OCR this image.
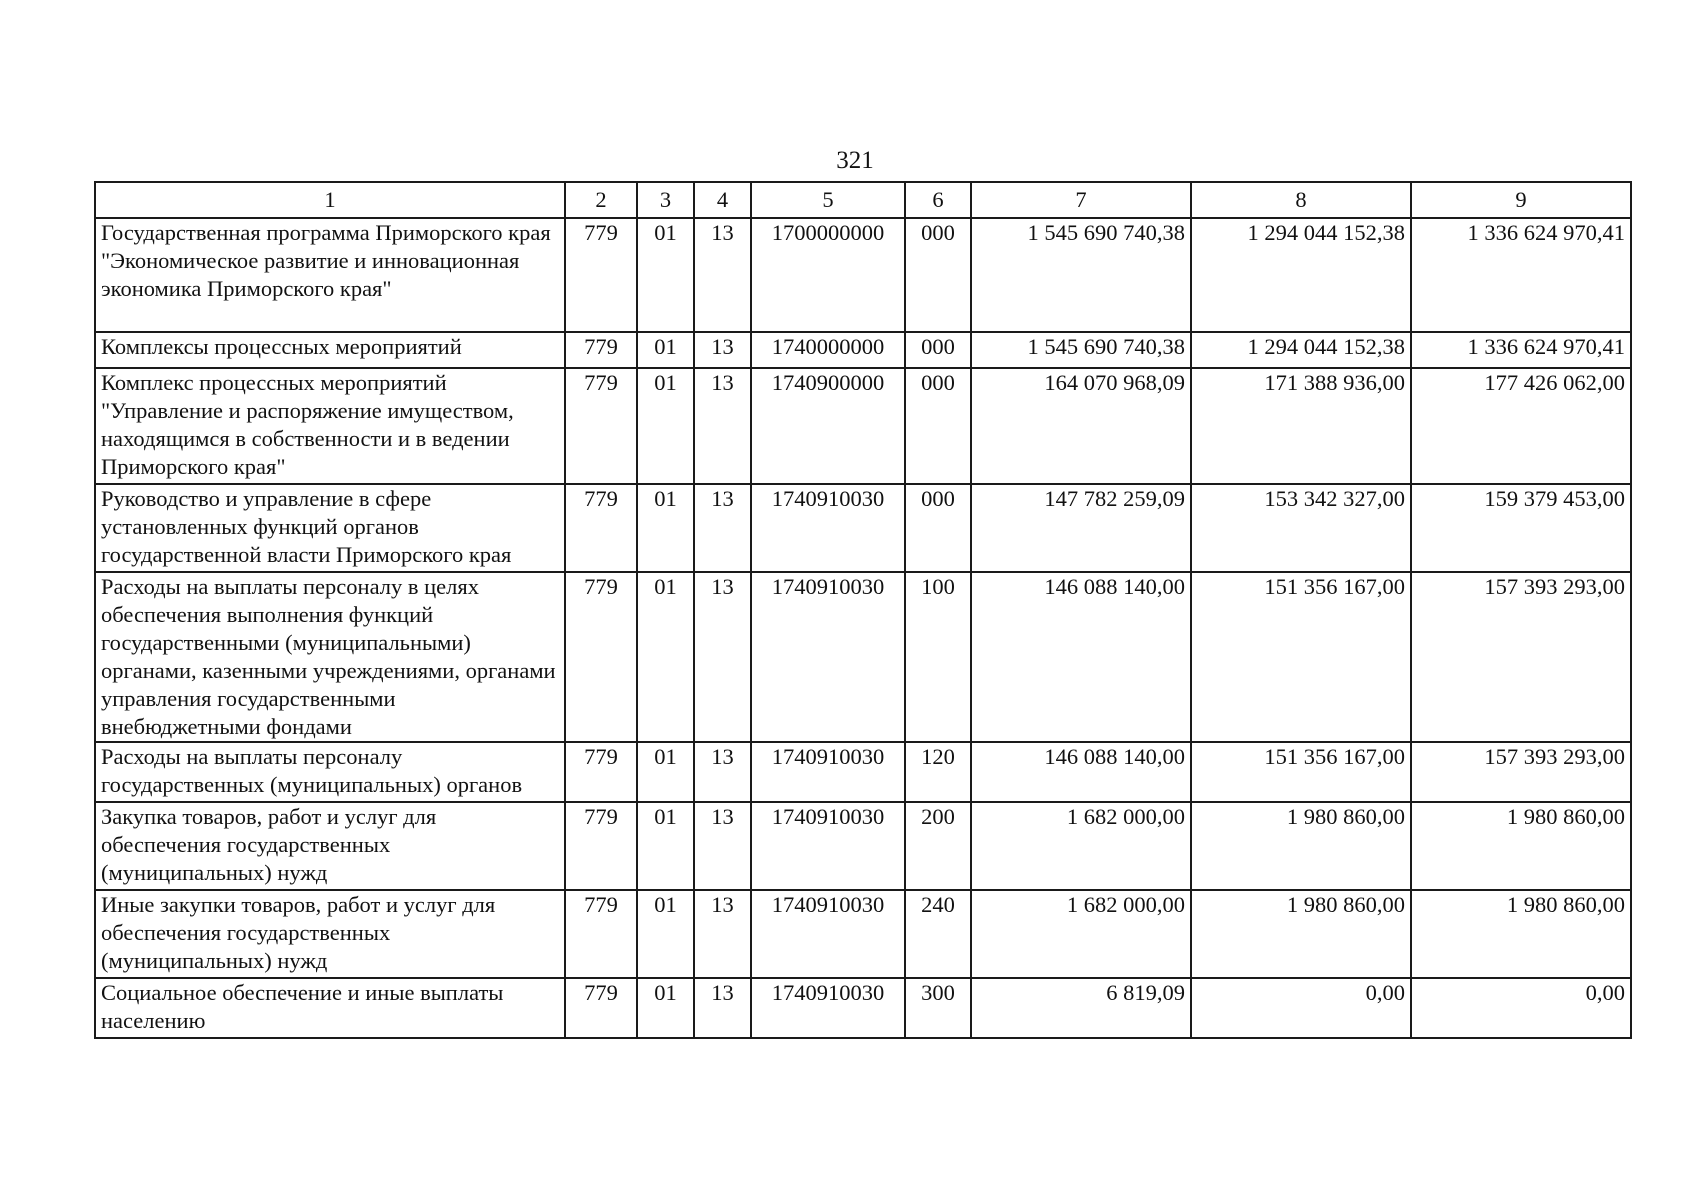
321
1	2	3	4	5	6	7	8	9
Государственная программа Приморского края "Экономическое развитие и инновационная экономика Приморского края"	779	01	13	1700000000	000	1 545 690 740,38	1 294 044 152,38	1 336 624 970,41
Комплексы процессных мероприятий	779	01	13	1740000000	000	1 545 690 740,38	1 294 044 152,38	1 336 624 970,41
Комплекс процессных мероприятий "Управление и распоряжение имуществом, находящимся в собственности и в ведении Приморского края"	779	01	13	1740900000	000	164 070 968,09	171 388 936,00	177 426 062,00
Руководство и управление в сфере установленных функций органов государственной власти Приморского края	779	01	13	1740910030	000	147 782 259,09	153 342 327,00	159 379 453,00
Расходы на выплаты персоналу в целях обеспечения выполнения функций государственными (муниципальными) органами, казенными учреждениями, органами управления государственными внебюджетными фондами	779	01	13	1740910030	100	146 088 140,00	151 356 167,00	157 393 293,00
Расходы на выплаты персоналу государственных (муниципальных) органов	779	01	13	1740910030	120	146 088 140,00	151 356 167,00	157 393 293,00
Закупка товаров, работ и услуг для обеспечения государственных (муниципальных) нужд	779	01	13	1740910030	200	1 682 000,00	1 980 860,00	1 980 860,00
Иные закупки товаров, работ и услуг для обеспечения государственных (муниципальных) нужд	779	01	13	1740910030	240	1 682 000,00	1 980 860,00	1 980 860,00
Социальное обеспечение и иные выплаты населению	779	01	13	1740910030	300	6 819,09	0,00	0,00
